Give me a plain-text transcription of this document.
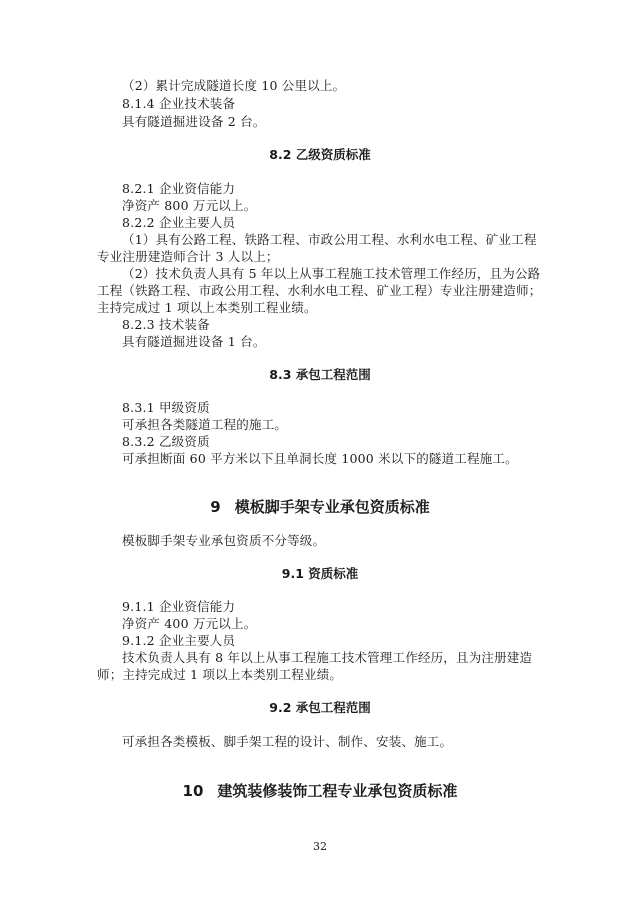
（2）累计完成隧道长度 10 公里以上。
8.1.4 企业技术装备
具有隧道掘进设备 2 台。
8.2 乙级资质标准
8.2.1 企业资信能力
净资产 800 万元以上。
8.2.2 企业主要人员
（1）具有公路工程、铁路工程、市政公用工程、水利水电工程、矿业工程
专业注册建造师合计 3 人以上；
（2）技术负责人具有 5 年以上从事工程施工技术管理工作经历，且为公路
工程（铁路工程、市政公用工程、水利水电工程、矿业工程）专业注册建造师；
主持完成过 1 项以上本类别工程业绩。
8.2.3 技术装备
具有隧道掘进设备 1 台。
8.3 承包工程范围
8.3.1 甲级资质
可承担各类隧道工程的施工。
8.3.2 乙级资质
可承担断面 60 平方米以下且单洞长度 1000 米以下的隧道工程施工。
9 模板脚手架专业承包资质标准
模板脚手架专业承包资质不分等级。
9.1 资质标准
9.1.1 企业资信能力
净资产 400 万元以上。
9.1.2 企业主要人员
技术负责人具有 8 年以上从事工程施工技术管理工作经历，且为注册建造
师；主持完成过 1 项以上本类别工程业绩。
9.2 承包工程范围
可承担各类模板、脚手架工程的设计、制作、安装、施工。
10 建筑装修装饰工程专业承包资质标准
32
